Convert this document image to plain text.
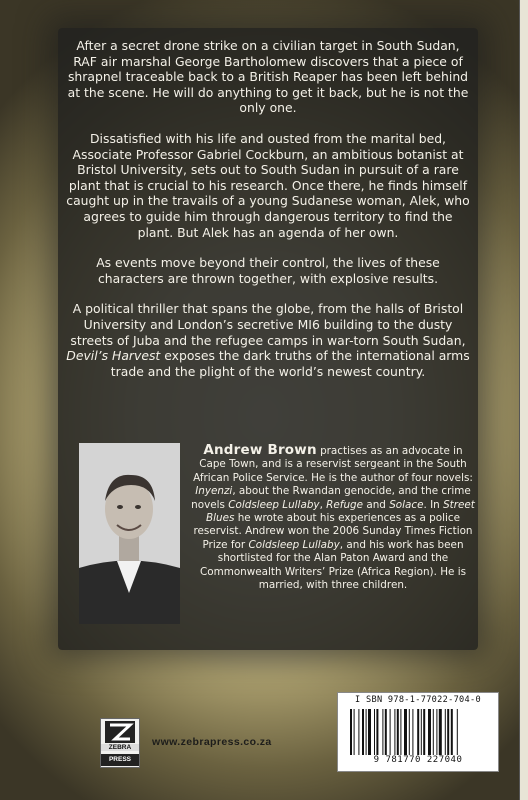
After a secret drone strike on a civilian target in South Sudan, RAF air marshal George Bartholomew discovers that a piece of shrapnel traceable back to a British Reaper has been left behind at the scene. He will do anything to get it back, but he is not the only one.

Dissatisfied with his life and ousted from the marital bed, Associate Professor Gabriel Cockburn, an ambitious botanist at Bristol University, sets out to South Sudan in pursuit of a rare plant that is crucial to his research. Once there, he finds himself caught up in the travails of a young Sudanese woman, Alek, who agrees to guide him through dangerous territory to find the plant. But Alek has an agenda of her own.

As events move beyond their control, the lives of these characters are thrown together, with explosive results.

A political thriller that spans the globe, from the halls of Bristol University and London’s secretive MI6 building to the dusty streets of Juba and the refugee camps in war-torn South Sudan, Devil’s Harvest exposes the dark truths of the international arms trade and the plight of the world’s newest country.

Andrew Brown practises as an advocate in Cape Town, and is a reservist sergeant in the South African Police Service. He is the author of four novels: Inyenzi, about the Rwandan genocide, and the crime novels Coldsleep Lullaby, Refuge and Solace. In Street Blues he wrote about his experiences as a police reservist. Andrew won the 2006 Sunday Times Fiction Prize for Coldsleep Lullaby, and his work has been shortlisted for the Alan Paton Award and the Commonwealth Writers’ Prize (Africa Region). He is married, with three children.
ZEBRA
PRESS
www.zebrapress.co.za
I SBN 978-1-77022-704-0
9 781770 227040
